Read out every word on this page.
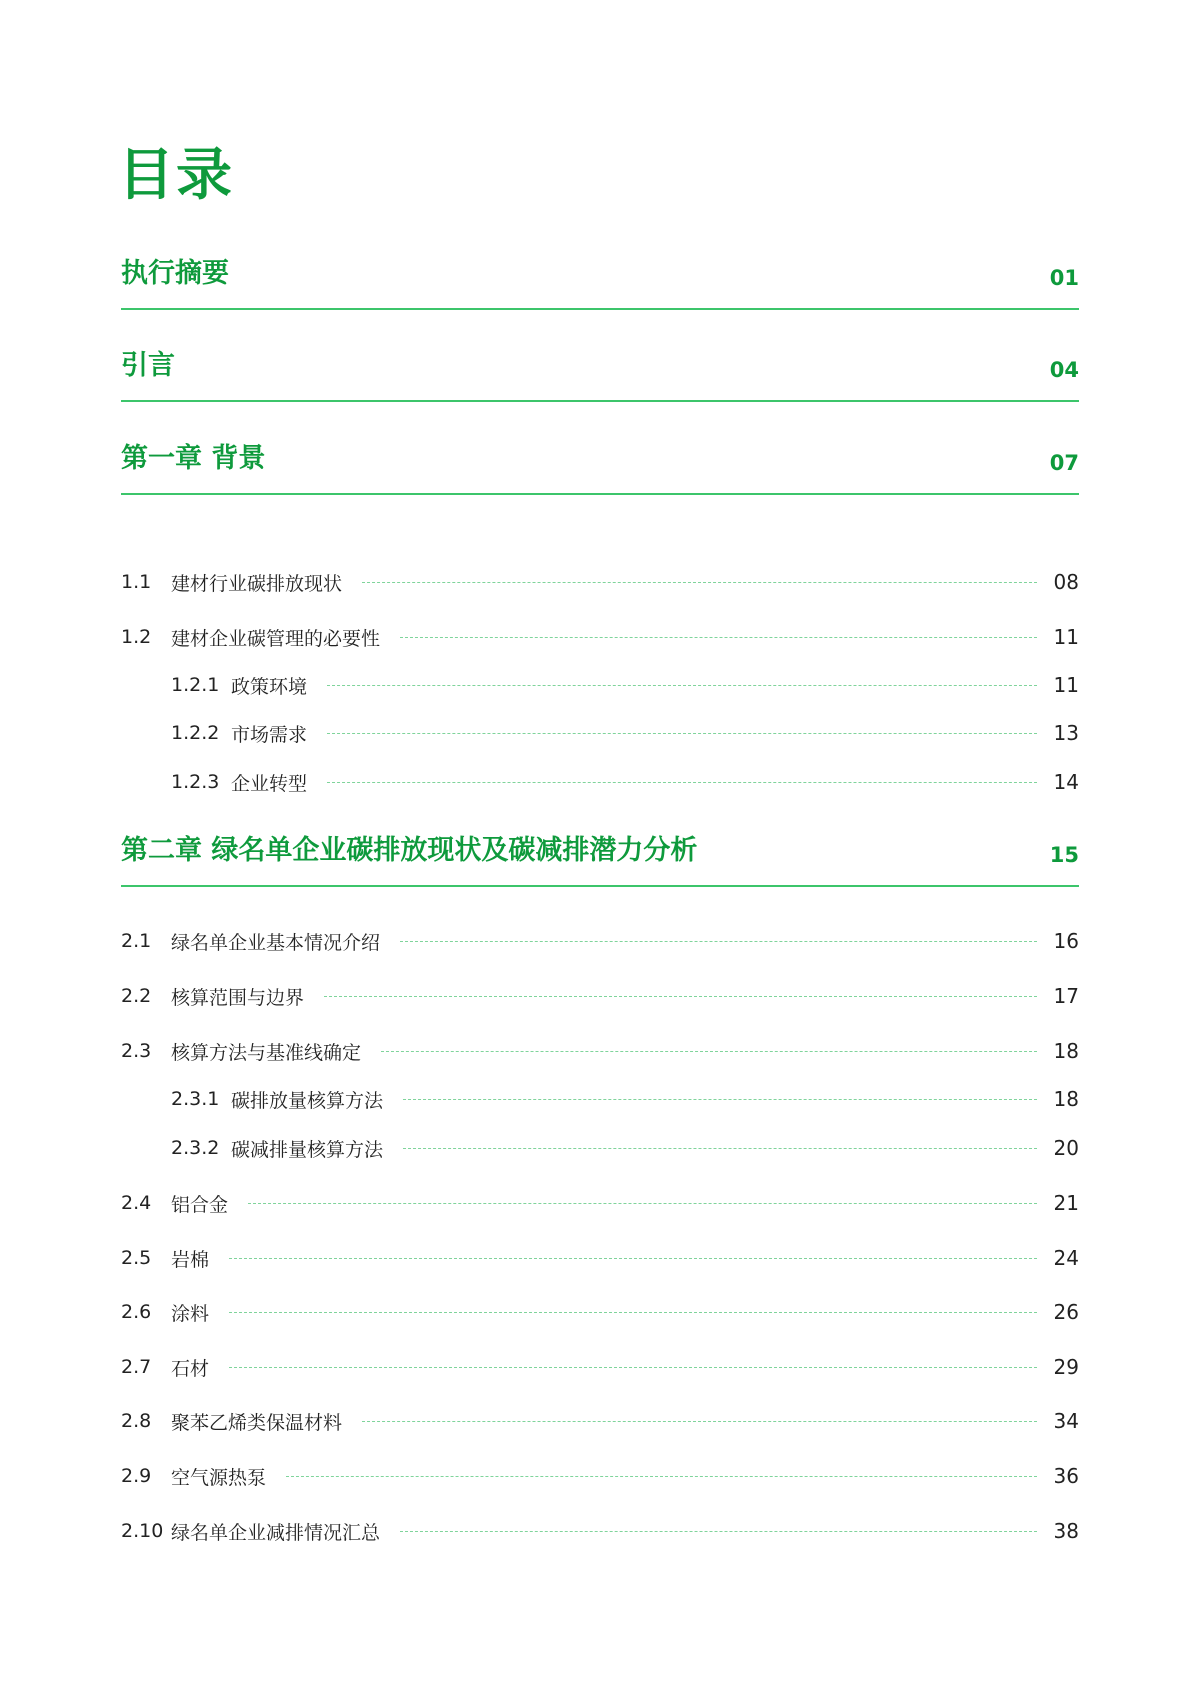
目录
执行摘要	01
引言	04
第一章 背景	07
1.1	建材行业碳排放现状	08
1.2	建材企业碳管理的必要性	11
1.2.1 政策环境	11
1.2.2 市场需求	13
1.2.3 企业转型	14
第二章 绿名单企业碳排放现状及碳减排潜力分析	15
2.1	绿名单企业基本情况介绍	16
2.2	核算范围与边界	17
2.3	核算方法与基准线确定	18
2.3.1 碳排放量核算方法	18
2.3.2 碳减排量核算方法	20
2.4	铝合金	21
2.5	岩棉	24
2.6	涂料	26
2.7	石材	29
2.8	聚苯乙烯类保温材料	34
2.9	空气源热泵	36
2.10 绿名单企业减排情况汇总	38
